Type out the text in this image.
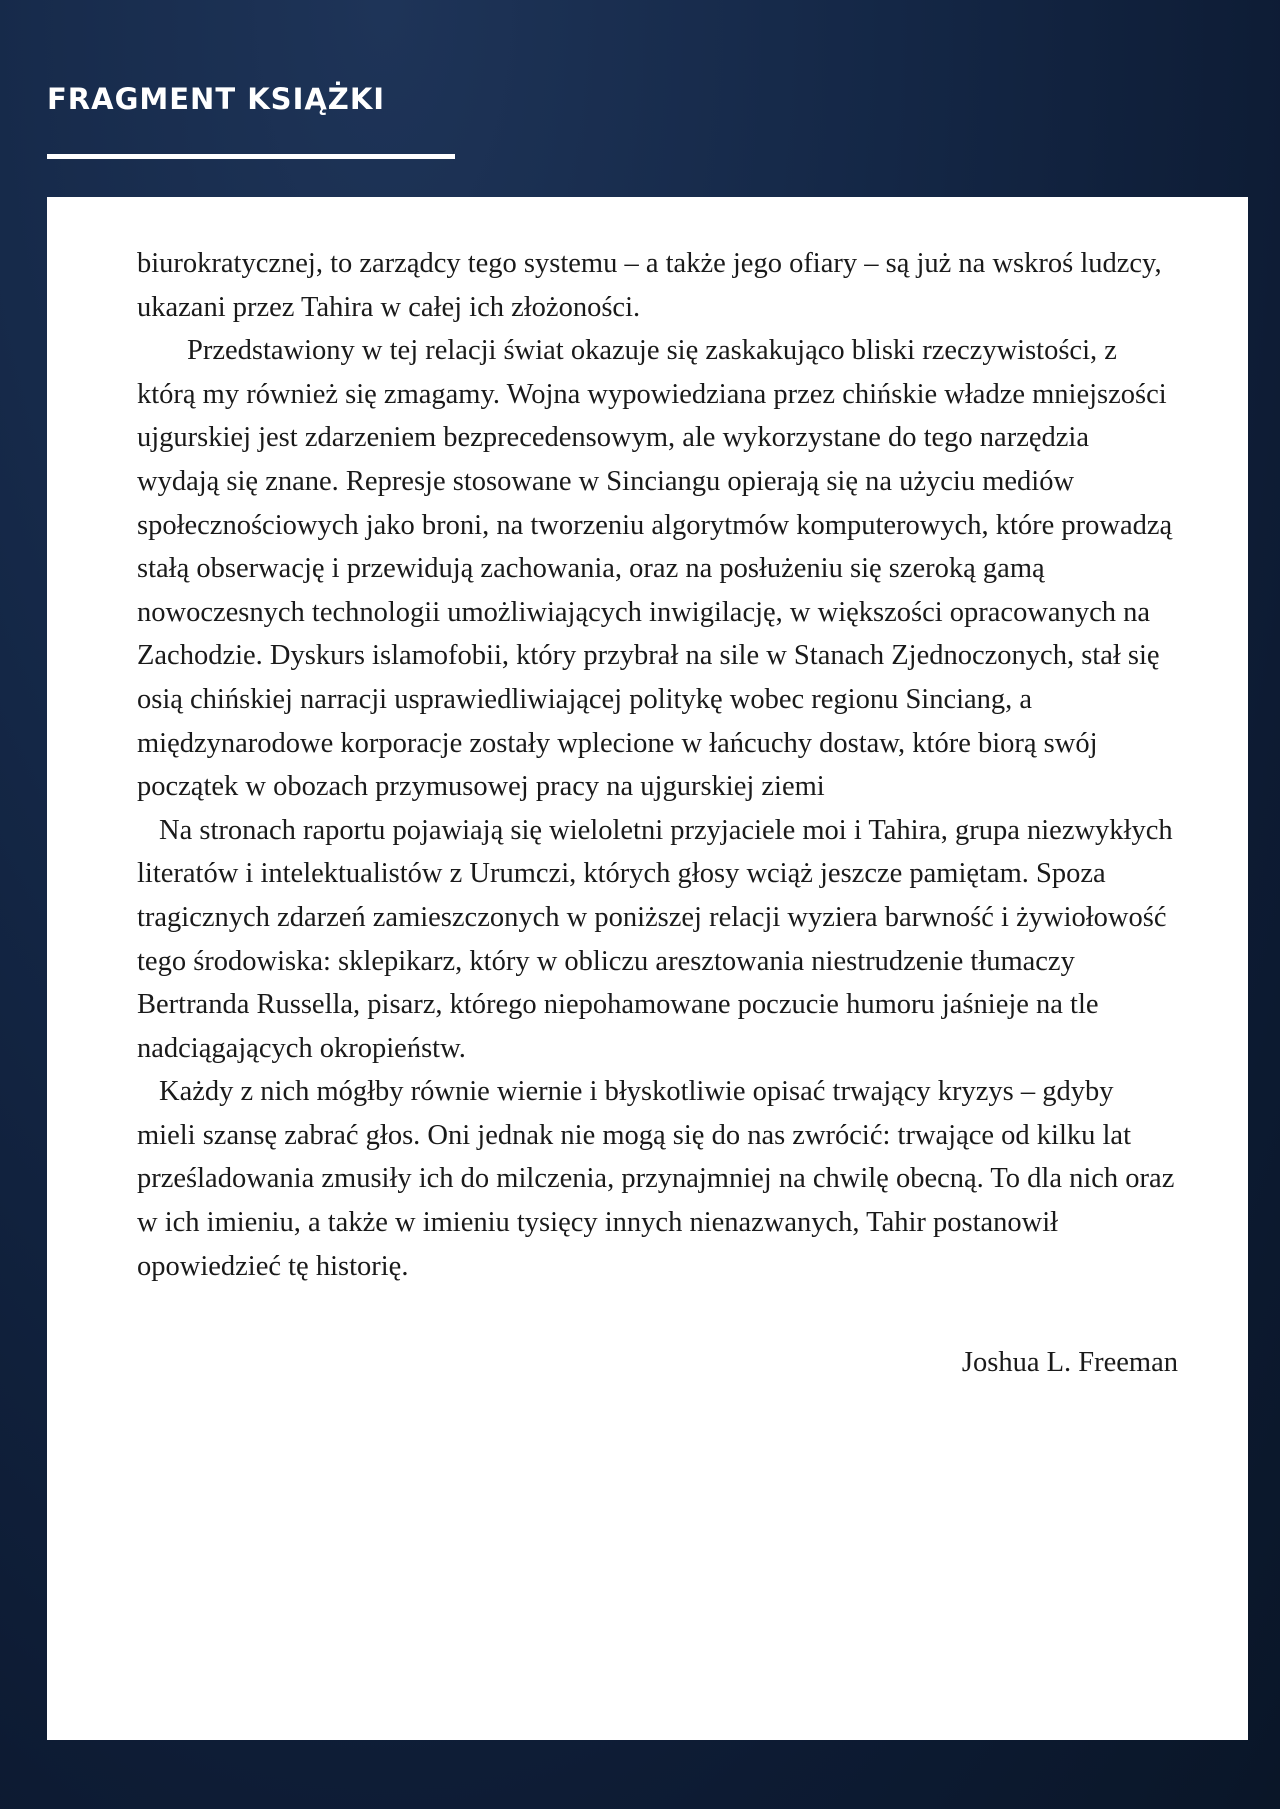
FRAGMENT KSIĄŻKI

biurokratycznej, to zarządcy tego systemu – a także jego ofiary – są już na wskroś ludzcy, ukazani przez Tahira w całej ich złożoności.

Przedstawiony w tej relacji świat okazuje się zaskakująco bliski rzeczywistości, z którą my również się zmagamy. Wojna wypowiedziana przez chińskie władze mniejszości ujgurskiej jest zdarzeniem bezprecedensowym, ale wykorzystane do tego narzędzia wydają się znane. Represje stosowane w Sinciangu opierają się na użyciu mediów społecznościowych jako broni, na tworzeniu algorytmów komputerowych, które prowadzą stałą obserwację i przewidują zachowania, oraz na posłużeniu się szeroką gamą nowoczesnych technologii umożliwiających inwigilację, w większości opracowanych na Zachodzie. Dyskurs islamofobii, który przybrał na sile w Stanach Zjednoczonych, stał się osią chińskiej narracji usprawiedliwiającej politykę wobec regionu Sinciang, a międzynarodowe korporacje zostały wplecione w łańcuchy dostaw, które biorą swój początek w obozach przymusowej pracy na ujgurskiej ziemi

Na stronach raportu pojawiają się wieloletni przyjaciele moi i Tahira, grupa niezwykłych literatów i intelektualistów z Urumczi, których głosy wciąż jeszcze pamiętam. Spoza tragicznych zdarzeń zamieszczonych w poniższej relacji wyziera barwność i żywiołowość tego środowiska: sklepikarz, który w obliczu aresztowania niestrudzenie tłumaczy Bertranda Russella, pisarz, którego niepohamowane poczucie humoru jaśnieje na tle nadciągających okropieństw.

Każdy z nich mógłby równie wiernie i błyskotliwie opisać trwający kryzys – gdyby mieli szansę zabrać głos. Oni jednak nie mogą się do nas zwrócić: trwające od kilku lat prześladowania zmusiły ich do milczenia, przynajmniej na chwilę obecną. To dla nich oraz w ich imieniu, a także w imieniu tysięcy innych nienazwanych, Tahir postanowił opowiedzieć tę historię.

Joshua L. Freeman
